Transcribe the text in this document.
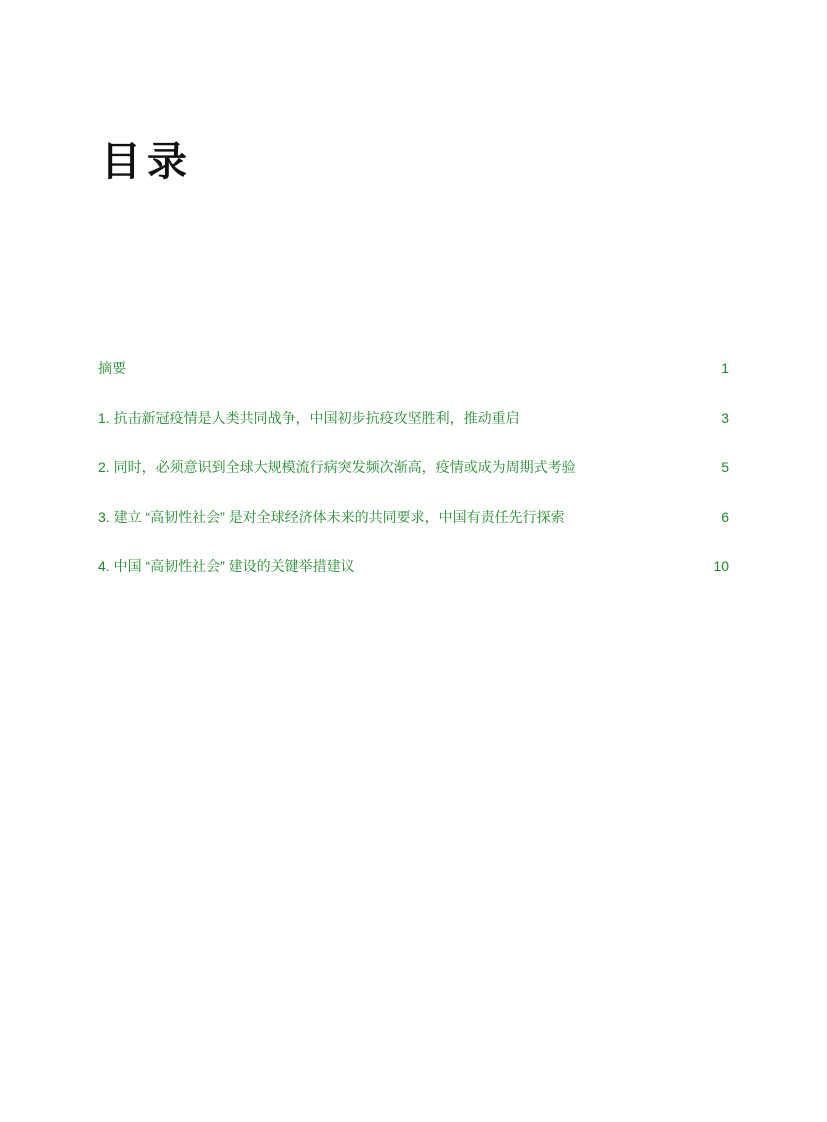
目录
摘要	1
1. 抗击新冠疫情是人类共同战争，中国初步抗疫攻坚胜利，推动重启	3
2. 同时，必须意识到全球大规模流行病突发频次渐高，疫情或成为周期式考验	5
3. 建立 “高韧性社会” 是对全球经济体未来的共同要求，中国有责任先行探索	6
4. 中国 “高韧性社会” 建设的关键举措建议	10
